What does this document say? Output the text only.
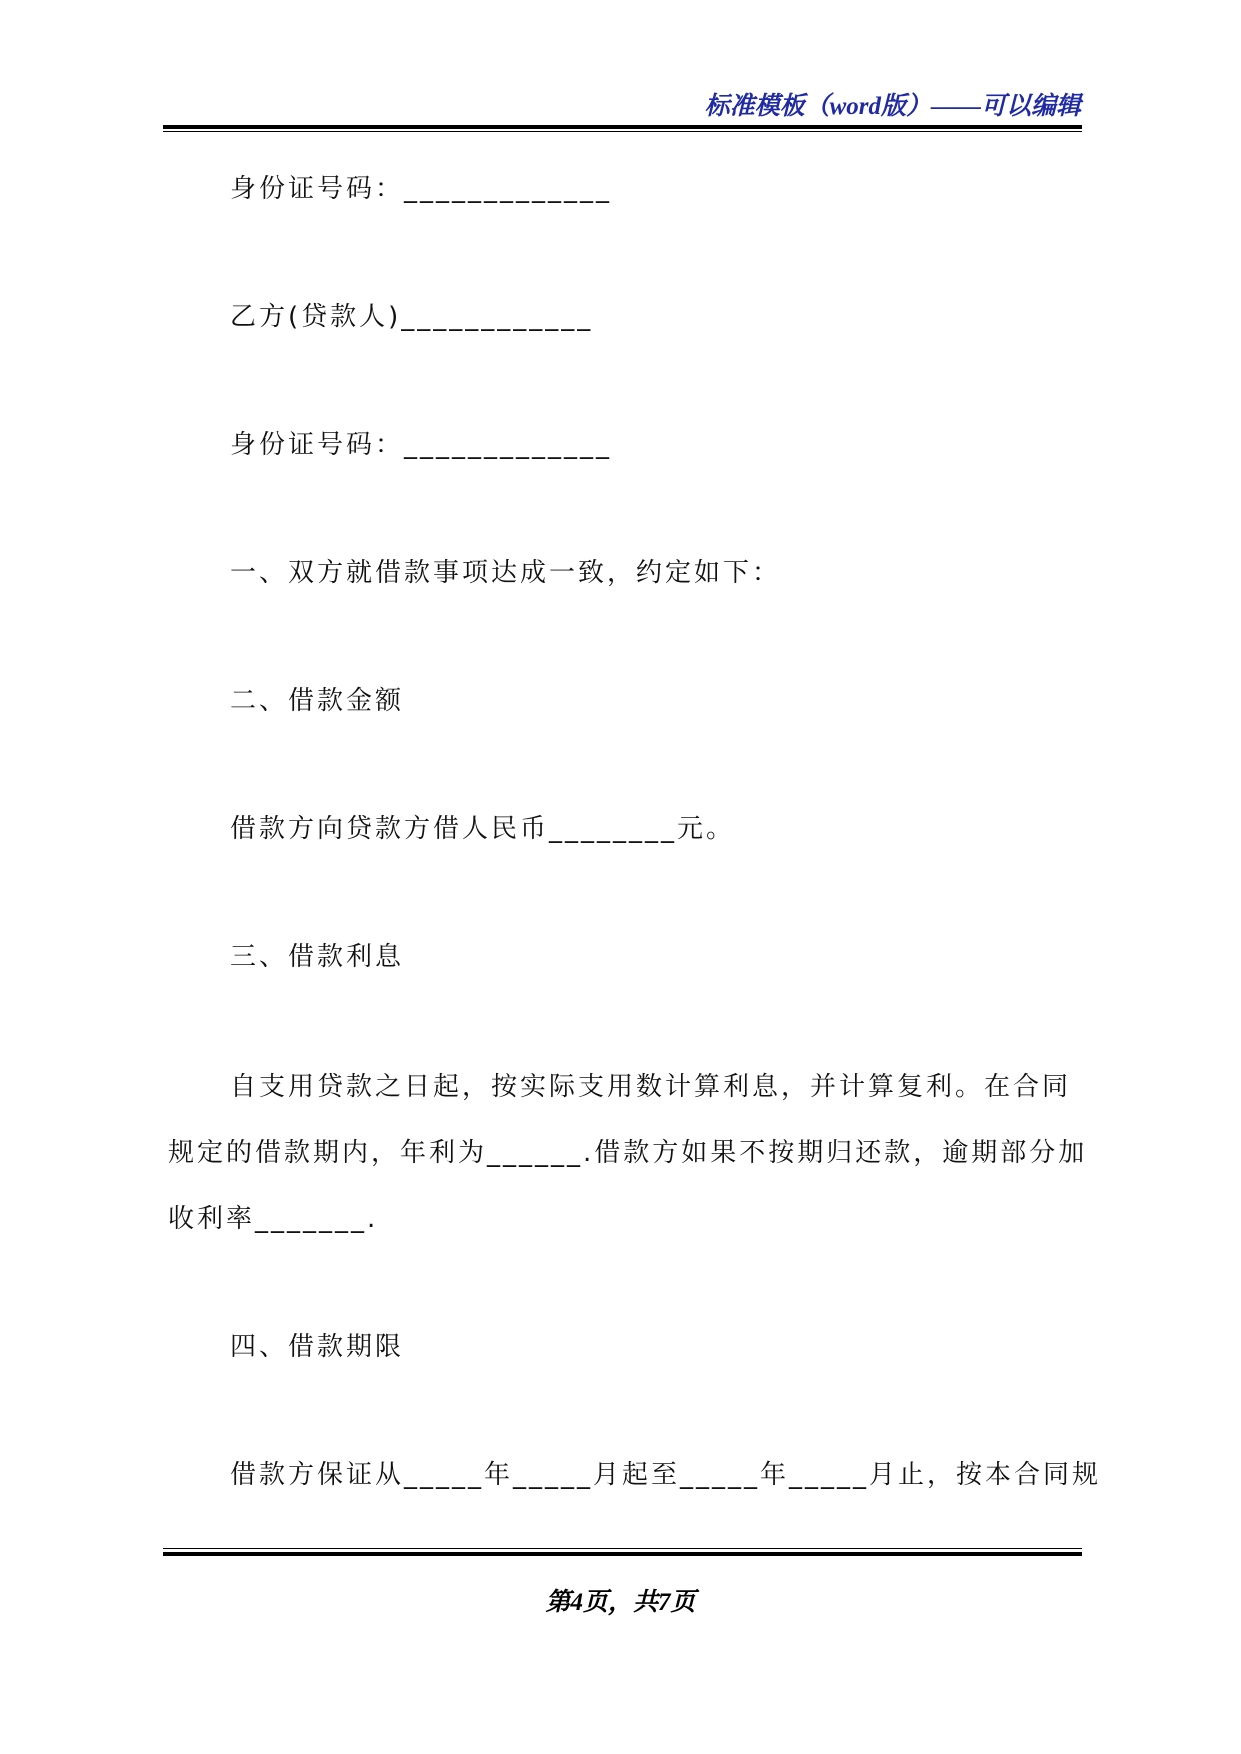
标准模板（word版）——可以编辑
身份证号码：_____________
乙方(贷款人)____________
身份证号码：_____________
一、双方就借款事项达成一致，约定如下：
二、借款金额
借款方向贷款方借人民币________元。
三、借款利息
自支用贷款之日起，按实际支用数计算利息，并计算复利。在合同
规定的借款期内，年利为______.借款方如果不按期归还款，逾期部分加
收利率_______.
四、借款期限
借款方保证从_____年_____月起至_____年_____月止，按本合同规
第4页，共7页
